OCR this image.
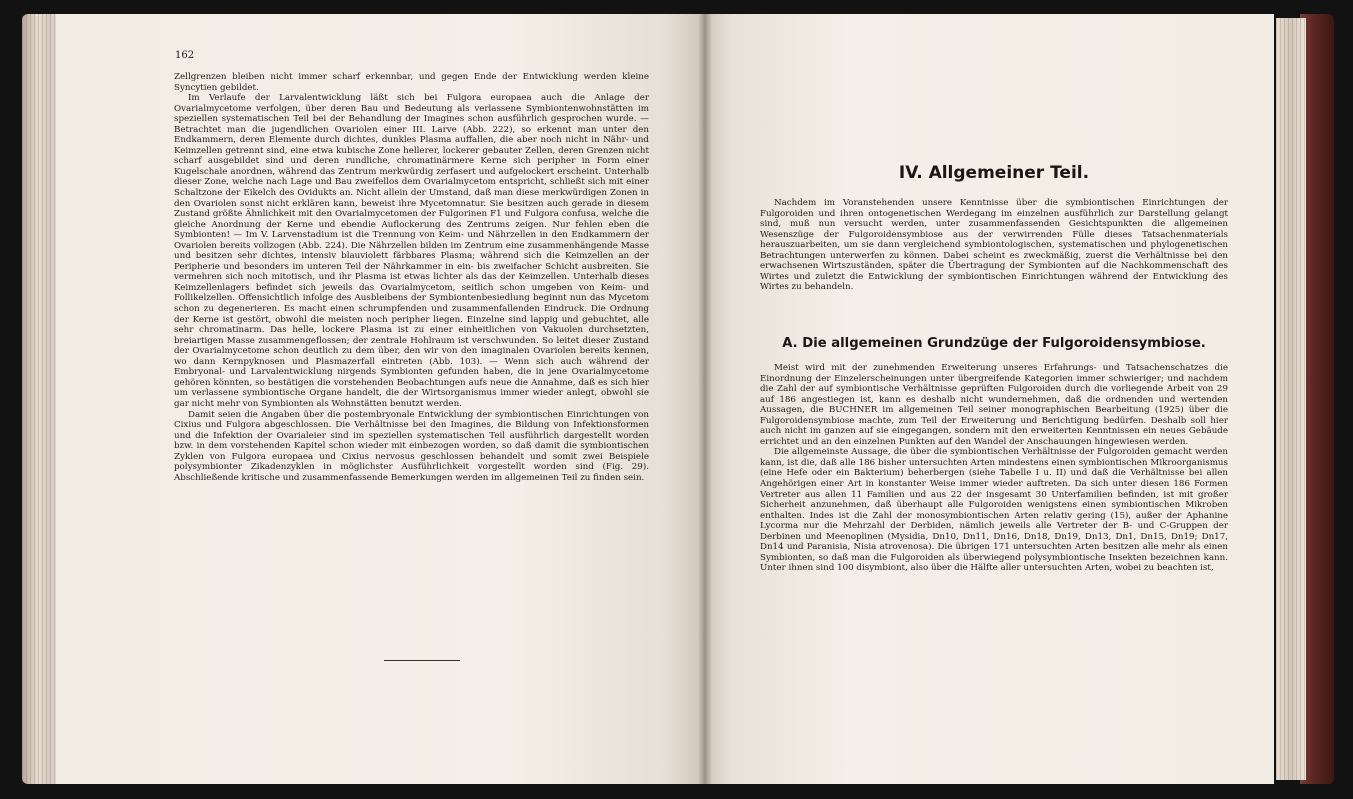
162

Zellgrenzen bleiben nicht immer scharf erkennbar, und gegen Ende der Entwicklung werden kleine Syncytien gebildet.

Im Verlaufe der Larvalentwicklung läßt sich bei Fulgora europaea auch die Anlage der Ovarialmycetome verfolgen, über deren Bau und Bedeutung als verlassene Symbiontenwohnstätten im speziellen systematischen Teil bei der Behandlung der Imagines schon ausführlich gesprochen wurde. — Betrachtet man die jugendlichen Ovariolen einer III. Larve (Abb. 222), so erkennt man unter den Endkammern, deren Elemente durch dichtes, dunkles Plasma auffallen, die aber noch nicht in Nähr- und Keimzellen getrennt sind, eine etwa kubische Zone hellerer, lockerer gebauter Zellen, deren Grenzen nicht scharf ausgebildet sind und deren rundliche, chromatinärmere Kerne sich peripher in Form einer Kugelschale anordnen, während das Zentrum merkwürdig zerfasert und aufgelockert erscheint. Unterhalb dieser Zone, welche nach Lage und Bau zweifellos dem Ovarialmycetom entspricht, schließt sich mit einer Schaltzone der Eikelch des Ovidukts an. Nicht allein der Umstand, daß man diese merkwürdigen Zonen in den Ovariolen sonst nicht erklären kann, beweist ihre Mycetomnatur. Sie besitzen auch gerade in diesem Zustand größte Ähnlichkeit mit den Ovarialmycetomen der Fulgorinen F1 und Fulgora confusa, welche die gleiche Anordnung der Kerne und ebendie Auflockerung des Zentrums zeigen. Nur fehlen eben die Symbionten! — Im V. Larvenstadium ist die Trennung von Keim- und Nährzellen in den Endkammern der Ovariolen bereits vollzogen (Abb. 224). Die Nährzellen bilden im Zentrum eine zusammenhängende Masse und besitzen sehr dichtes, intensiv blauviolett färbbares Plasma; während sich die Keimzellen an der Peripherie und besonders im unteren Teil der Nährkammer in ein- bis zweifacher Schicht ausbreiten. Sie vermehren sich noch mitotisch, und ihr Plasma ist etwas lichter als das der Keimzellen. Unterhalb dieses Keimzellenlagers befindet sich jeweils das Ovarialmycetom, seitlich schon umgeben von Keim- und Follikelzellen. Offensichtlich infolge des Ausbleibens der Symbiontenbesiedlung beginnt nun das Mycetom schon zu degenerieren. Es macht einen schrumpfenden und zusammenfallenden Eindruck. Die Ordnung der Kerne ist gestört, obwohl die meisten noch peripher liegen. Einzelne sind lappig und gebuchtet, alle sehr chromatinarm. Das helle, lockere Plasma ist zu einer einheitlichen von Vakuolen durchsetzten, breiartigen Masse zusammengeflossen; der zentrale Hohlraum ist verschwunden. So leitet dieser Zustand der Ovarialmycetome schon deutlich zu dem über, den wir von den imaginalen Ovariolen bereits kennen, wo dann Kernpyknosen und Plasmazerfall eintreten (Abb. 103). — Wenn sich auch während der Embryonal- und Larvalentwicklung nirgends Symbionten gefunden haben, die in jene Ovarialmycetome gehören könnten, so bestätigen die vorstehenden Beobachtungen aufs neue die Annahme, daß es sich hier um verlassene symbiontische Organe handelt, die der Wirtsorganismus immer wieder anlegt, obwohl sie gar nicht mehr von Symbionten als Wohnstätten benutzt werden.

Damit seien die Angaben über die postembryonale Entwicklung der symbiontischen Einrichtungen von Cixius und Fulgora abgeschlossen. Die Verhältnisse bei den Imagines, die Bildung von Infektionsformen und die Infektion der Ovarialeier sind im speziellen systematischen Teil ausführlich dargestellt worden bzw. in dem vorstehenden Kapitel schon wieder mit einbezogen worden, so daß damit die symbiontischen Zyklen von Fulgora europaea und Cixius nervosus geschlossen behandelt und somit zwei Beispiele polysymbionter Zikadenzyklen in möglichster Ausführlichkeit vorgestellt worden sind (Fig. 29). Abschließende kritische und zusammenfassende Bemerkungen werden im allgemeinen Teil zu finden sein.

IV. Allgemeiner Teil.

Nachdem im Voranstehenden unsere Kenntnisse über die symbiontischen Einrichtungen der Fulgoroiden und ihren ontogenetischen Werdegang im einzelnen ausführlich zur Darstellung gelangt sind, muß nun versucht werden, unter zusammenfassenden Gesichtspunkten die allgemeinen Wesenszüge der Fulgoroidensymbiose aus der verwirrenden Fülle dieses Tatsachenmaterials herauszuarbeiten, um sie dann vergleichend symbiontologischen, systematischen und phylogenetischen Betrachtungen unterwerfen zu können. Dabei scheint es zweckmäßig, zuerst die Verhältnisse bei den erwachsenen Wirtszuständen, später die Übertragung der Symbionten auf die Nachkommenschaft des Wirtes und zuletzt die Entwicklung der symbiontischen Einrichtungen während der Entwicklung des Wirtes zu behandeln.

A. Die allgemeinen Grundzüge der Fulgoroidensymbiose.

Meist wird mit der zunehmenden Erweiterung unseres Erfahrungs- und Tatsachenschatzes die Einordnung der Einzelerscheinungen unter übergreifende Kategorien immer schwieriger; und nachdem die Zahl der auf symbiontische Verhältnisse geprüften Fulgoroiden durch die vorliegende Arbeit von 29 auf 186 angestiegen ist, kann es deshalb nicht wundernehmen, daß die ordnenden und wertenden Aussagen, die BUCHNER im allgemeinen Teil seiner monographischen Bearbeitung (1925) über die Fulgoroidensymbiose machte, zum Teil der Erweiterung und Berichtigung bedürfen. Deshalb soll hier auch nicht im ganzen auf sie eingegangen, sondern mit den erweiterten Kenntnissen ein neues Gebäude errichtet und an den einzelnen Punkten auf den Wandel der Anschauungen hingewiesen werden.

Die allgemeinste Aussage, die über die symbiontischen Verhältnisse der Fulgoroiden gemacht werden kann, ist die, daß alle 186 bisher untersuchten Arten mindestens einen symbiontischen Mikroorganismus (eine Hefe oder ein Bakterium) beherbergen (siehe Tabelle I u. II) und daß die Verhältnisse bei allen Angehörigen einer Art in konstanter Weise immer wieder auftreten. Da sich unter diesen 186 Formen Vertreter aus allen 11 Familien und aus 22 der insgesamt 30 Unterfamilien befinden, ist mit großer Sicherheit anzunehmen, daß überhaupt alle Fulgoroiden wenigstens einen symbiontischen Mikroben enthalten. Indes ist die Zahl der monosymbiontischen Arten relativ gering (15), außer der Aphanine Lycorma nur die Mehrzahl der Derbiden, nämlich jeweils alle Vertreter der B- und C-Gruppen der Derbinen und Meenoplinen (Mysidia, Dn10, Dn11, Dn16, Dn18, Dn19, Dn13, Dn1, Dn15, Dn19; Dn17, Dn14 und Paranisia, Nisia atrovenosa). Die übrigen 171 untersuchten Arten besitzen alle mehr als einen Symbionten, so daß man die Fulgoroiden als überwiegend polysymbiontische Insekten bezeichnen kann. Unter ihnen sind 100 disymbiont, also über die Hälfte aller untersuchten Arten, wobei zu beachten ist,
